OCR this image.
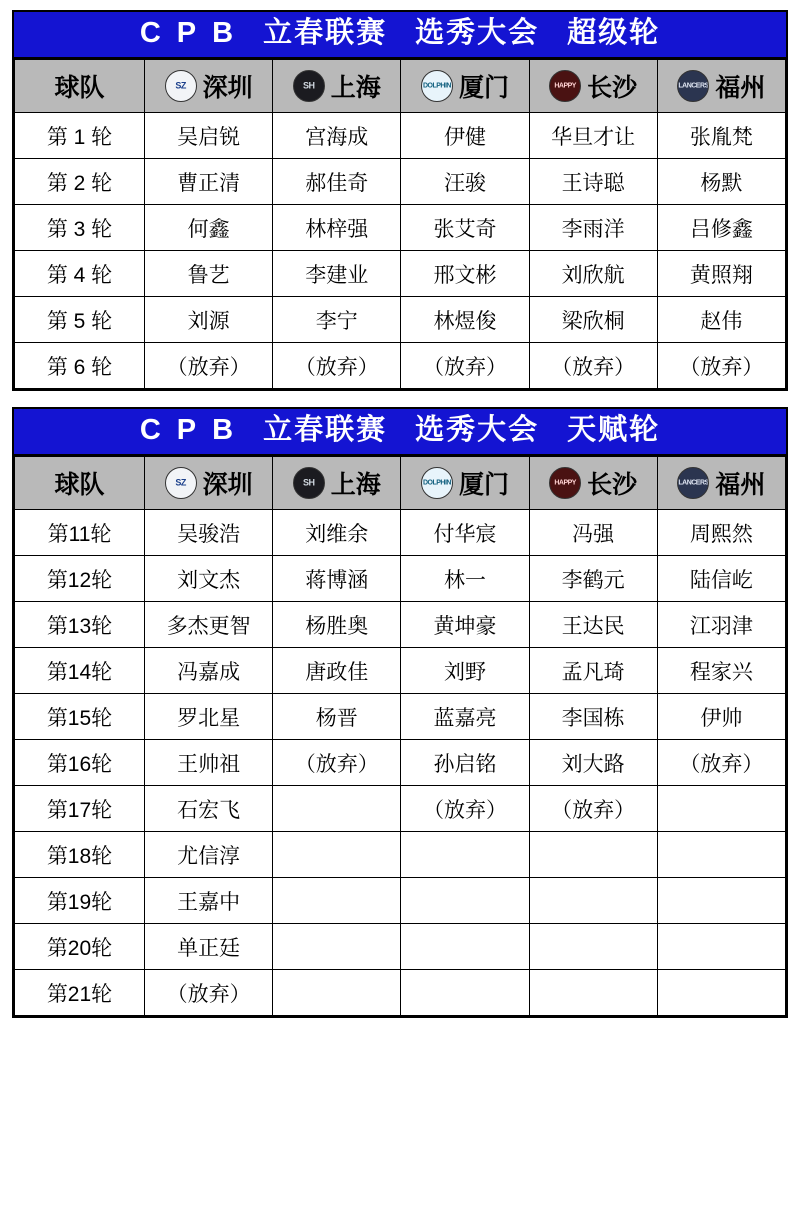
C P B 立春联赛 选秀大会 超级轮
球队	SZ 深圳	SH 上海	DOLPHIN 厦门	HAPPY 长沙	LANCERS 福州

第 1 轮	吴启锐	宫海成	伊健	华旦才让	张胤梵
第 2 轮	曹正清	郝佳奇	汪骏	王诗聪	杨默
第 3 轮	何鑫	林梓强	张艾奇	李雨洋	吕修鑫
第 4 轮	鲁艺	李建业	邢文彬	刘欣航	黄照翔
第 5 轮	刘源	李宁	林煜俊	梁欣桐	赵伟
第 6 轮	（放弃）	（放弃）	（放弃）	（放弃）	（放弃）
C P B 立春联赛 选秀大会 天赋轮
球队	SZ 深圳	SH 上海	DOLPHIN 厦门	HAPPY 长沙	LANCERS 福州

第11轮	吴骏浩	刘维余	付华宸	冯强	周熙然
第12轮	刘文杰	蒋博涵	林一	李鹤元	陆信屹
第13轮	多杰更智	杨胜奥	黄坤豪	王达民	江羽津
第14轮	冯嘉成	唐政佳	刘野	孟凡琦	程家兴
第15轮	罗北星	杨晋	蓝嘉亮	李国栋	伊帅
第16轮	王帅祖	（放弃）	孙启铭	刘大路	（放弃）
第17轮	石宏飞		（放弃）	（放弃）	
第18轮	尤信淳				
第19轮	王嘉中				
第20轮	单正廷				
第21轮	（放弃）				
